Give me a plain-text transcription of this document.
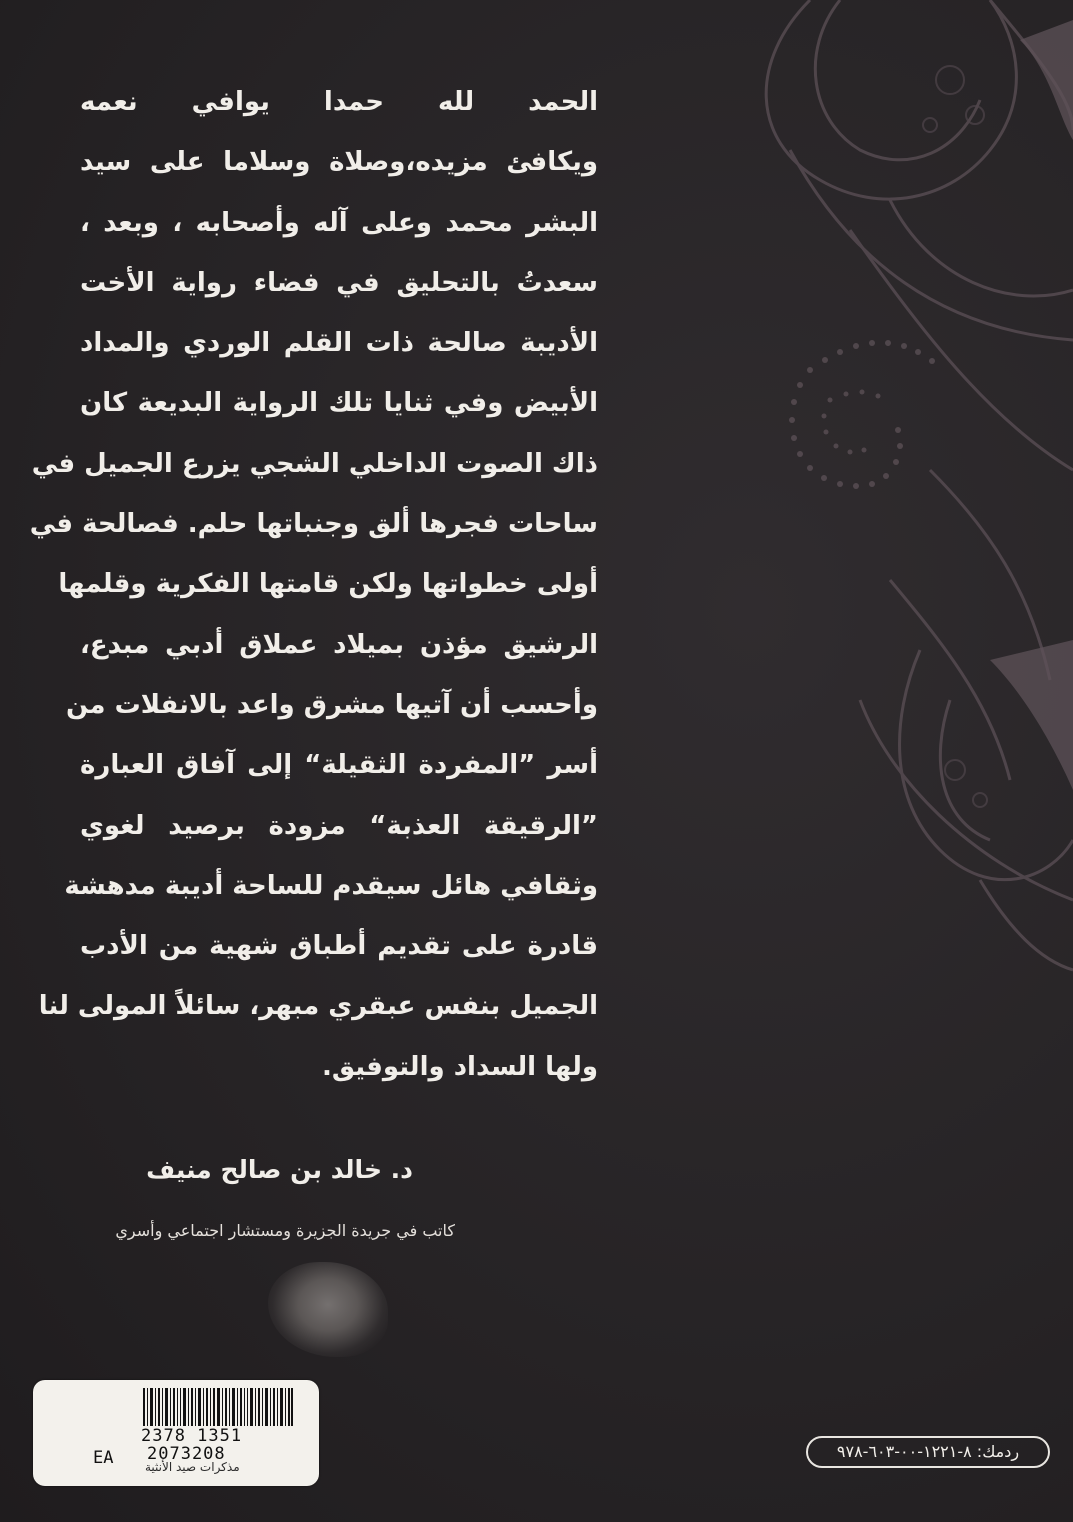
الحمد لله حمدا يوافي نعمه
ويكافئ مزيده،وصلاة وسلاما على سيد
البشر محمد وعلى آله وأصحابه ، وبعد ،
سعدتُ بالتحليق في فضاء رواية الأخت
الأديبة صالحة ذات القلم الوردي والمداد
الأبيض وفي ثنايا تلك الرواية البديعة كان
ذاك الصوت الداخلي الشجي يزرع الجميل في
ساحات فجرها ألق وجنباتها حلم. فصالحة في
أولى خطواتها ولكن قامتها الفكرية وقلمها
الرشيق مؤذن بميلاد عملاق أدبي مبدع،
وأحسب أن آتيها مشرق واعد بالانفلات من
أسر ”المفردة الثقيلة“ إلى آفاق العبارة
”الرقيقة العذبة“ مزودة برصيد لغوي
وثقافي هائل سيقدم للساحة أديبة مدهشة
قادرة على تقديم أطباق شهية من الأدب
الجميل بنفس عبقري مبهر، سائلاً المولى لنا
ولها السداد والتوفيق.
د. خالد بن صالح منيف
كاتب في جريدة الجزيرة ومستشار اجتماعي وأسري
2378 1351
EA 2073208
مذكرات صيد الأنثية
ردمك: ٨-١٢٢١-٠٠-٦٠٣-٩٧٨
